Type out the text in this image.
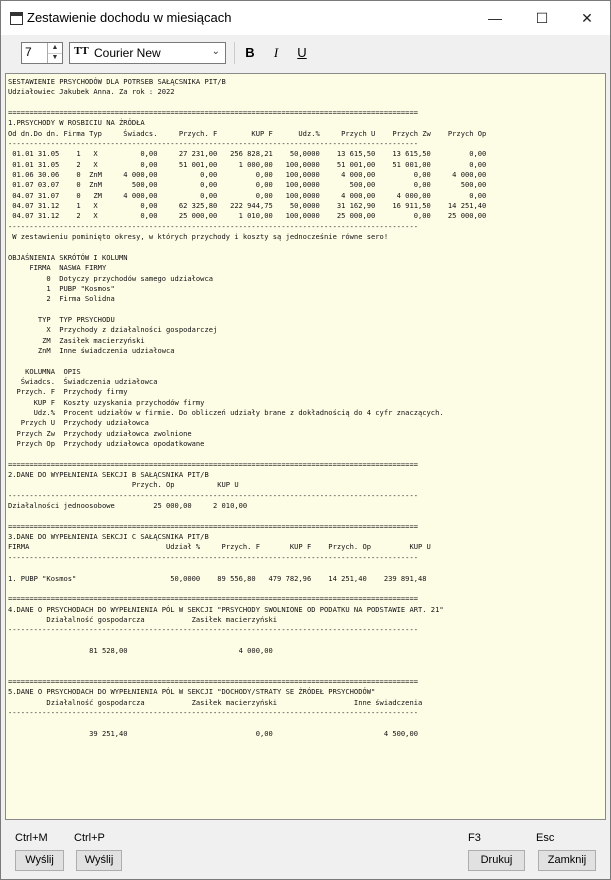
Zestawienie dochodu w miesiącach	—	☐	✕
7	▲
▼
TT Courier New	⌄	B	I	U
SESTAWIENIE PRSYCHODÓW DLA POTRSEB SAŁĄCSNIKA PIT/B
Udziałowiec Jakubek Anna. Za rok : 2022

================================================================================================
1.PRSYCHODY W ROSBICIU NA ŹRÓDŁA
Od dn.Do dn. Firma Typ     Świadcs.     Przych. F        KUP F      Udz.%     Przych U    Przych Zw    Przych Op
------------------------------------------------------------------------------------------------
01.01 31.05    1   X          0,00     27 231,00   256 828,21    50,0000    13 615,50    13 615,50         0,00
01.01 31.05    2   X          0,00     51 001,00     1 000,00   100,0000    51 001,00    51 001,00         0,00
01.06 30.06    0  ZnM     4 000,00          0,00         0,00   100,0000     4 000,00         0,00     4 000,00
01.07 03.07    0  ZnM       500,00          0,00         0,00   100,0000       500,00         0,00       500,00
04.07 31.07    0   ZM     4 000,00          0,00         0,00   100,0000     4 000,00     4 000,00         0,00
04.07 31.12    1   X          0,00     62 325,80   222 944,75    50,0000    31 162,90    16 911,50    14 251,40
04.07 31.12    2   X          0,00     25 000,00     1 010,00   100,0000    25 000,00         0,00    25 000,00
------------------------------------------------------------------------------------------------
W zestawieniu pominięto okresy, w których przychody i koszty są jednocześnie równe sero!

OBJAŚNIENIA SKRÓTÓW I KOLUMN
FIRMA  NASWA FIRMY
0  Dotyczy przychodów samego udziałowca
1  PUBP "Kosmos"
2  Firma Solidna

TYP  TYP PRSYCHODU
X  Przychody z działalności gospodarczej
ZM  Zasiłek macierzyński
ZnM  Inne świadczenia udziałowca

KOLUMNA  OPIS
Świadcs.  Świadczenia udziałowca
Przych. F  Przychody firmy
KUP F  Koszty uzyskania przychodów firmy
Udz.%  Procent udziałów w firmie. Do obliczeń udziały brane z dokładnością do 4 cyfr znaczących.
Przych U  Przychody udziałowca
Przych Zw  Przychody udziałowca zwolnione
Przych Op  Przychody udziałowca opodatkowane

================================================================================================
2.DANE DO WYPEŁNIENIA SEKCJI B SAŁĄCSNIKA PIT/B
Przych. Op          KUP U
------------------------------------------------------------------------------------------------
Działalności jednoosobowe         25 000,00     2 010,00

================================================================================================
3.DANE DO WYPEŁNIENIA SEKCJI C SAŁĄCSNIKA PIT/B
FIRMA                                Udział %     Przych. F       KUP F    Przych. Op         KUP U
------------------------------------------------------------------------------------------------

1. PUBP "Kosmos"                      50,0000    89 556,80   479 782,96    14 251,40    239 891,48

================================================================================================
4.DANE O PRSYCHODACH DO WYPEŁNIENIA PÓL W SEKCJI "PRSYCHODY SWOLNIONE OD PODATKU NA PODSTAWIE ART. 21"
Działalność gospodarcza           Zasiłek macierzyński
------------------------------------------------------------------------------------------------

81 528,00                          4 000,00

================================================================================================
5.DANE O PRSYCHODACH DO WYPEŁNIENIA PÓL W SEKCJI "DOCHODY/STRATY SE ŹRÓDEŁ PRSYCHODÓW"
Działalność gospodarcza           Zasiłek macierzyński                  Inne świadczenia
------------------------------------------------------------------------------------------------

39 251,40                              0,00                          4 500,00

Ctrl+M Ctrl+P	F3	Esc
Wyślij	Wyślij	Drukuj	Zamknij
